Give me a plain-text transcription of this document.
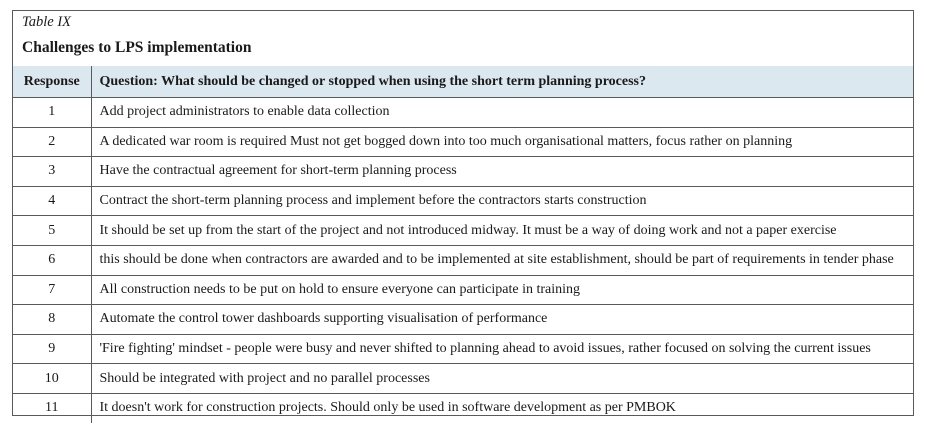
Table IX
Challenges to LPS implementation
Response	Question: What should be changed or stopped when using the short term planning process?
1	Add project administrators to enable data collection
2	A dedicated war room is required Must not get bogged down into too much organisational matters, focus rather on planning
3	Have the contractual agreement for short-term planning process
4	Contract the short-term planning process and implement before the contractors starts construction
5	It should be set up from the start of the project and not introduced midway. It must be a way of doing work and not a paper exercise
6	this should be done when contractors are awarded and to be implemented at site establishment, should be part of requirements in tender phase
7	All construction needs to be put on hold to ensure everyone can participate in training
8	Automate the control tower dashboards supporting visualisation of performance
9	'Fire fighting' mindset - people were busy and never shifted to planning ahead to avoid issues, rather focused on solving the current issues
10	Should be integrated with project and no parallel processes
11	It doesn't work for construction projects. Should only be used in software development as per PMBOK
